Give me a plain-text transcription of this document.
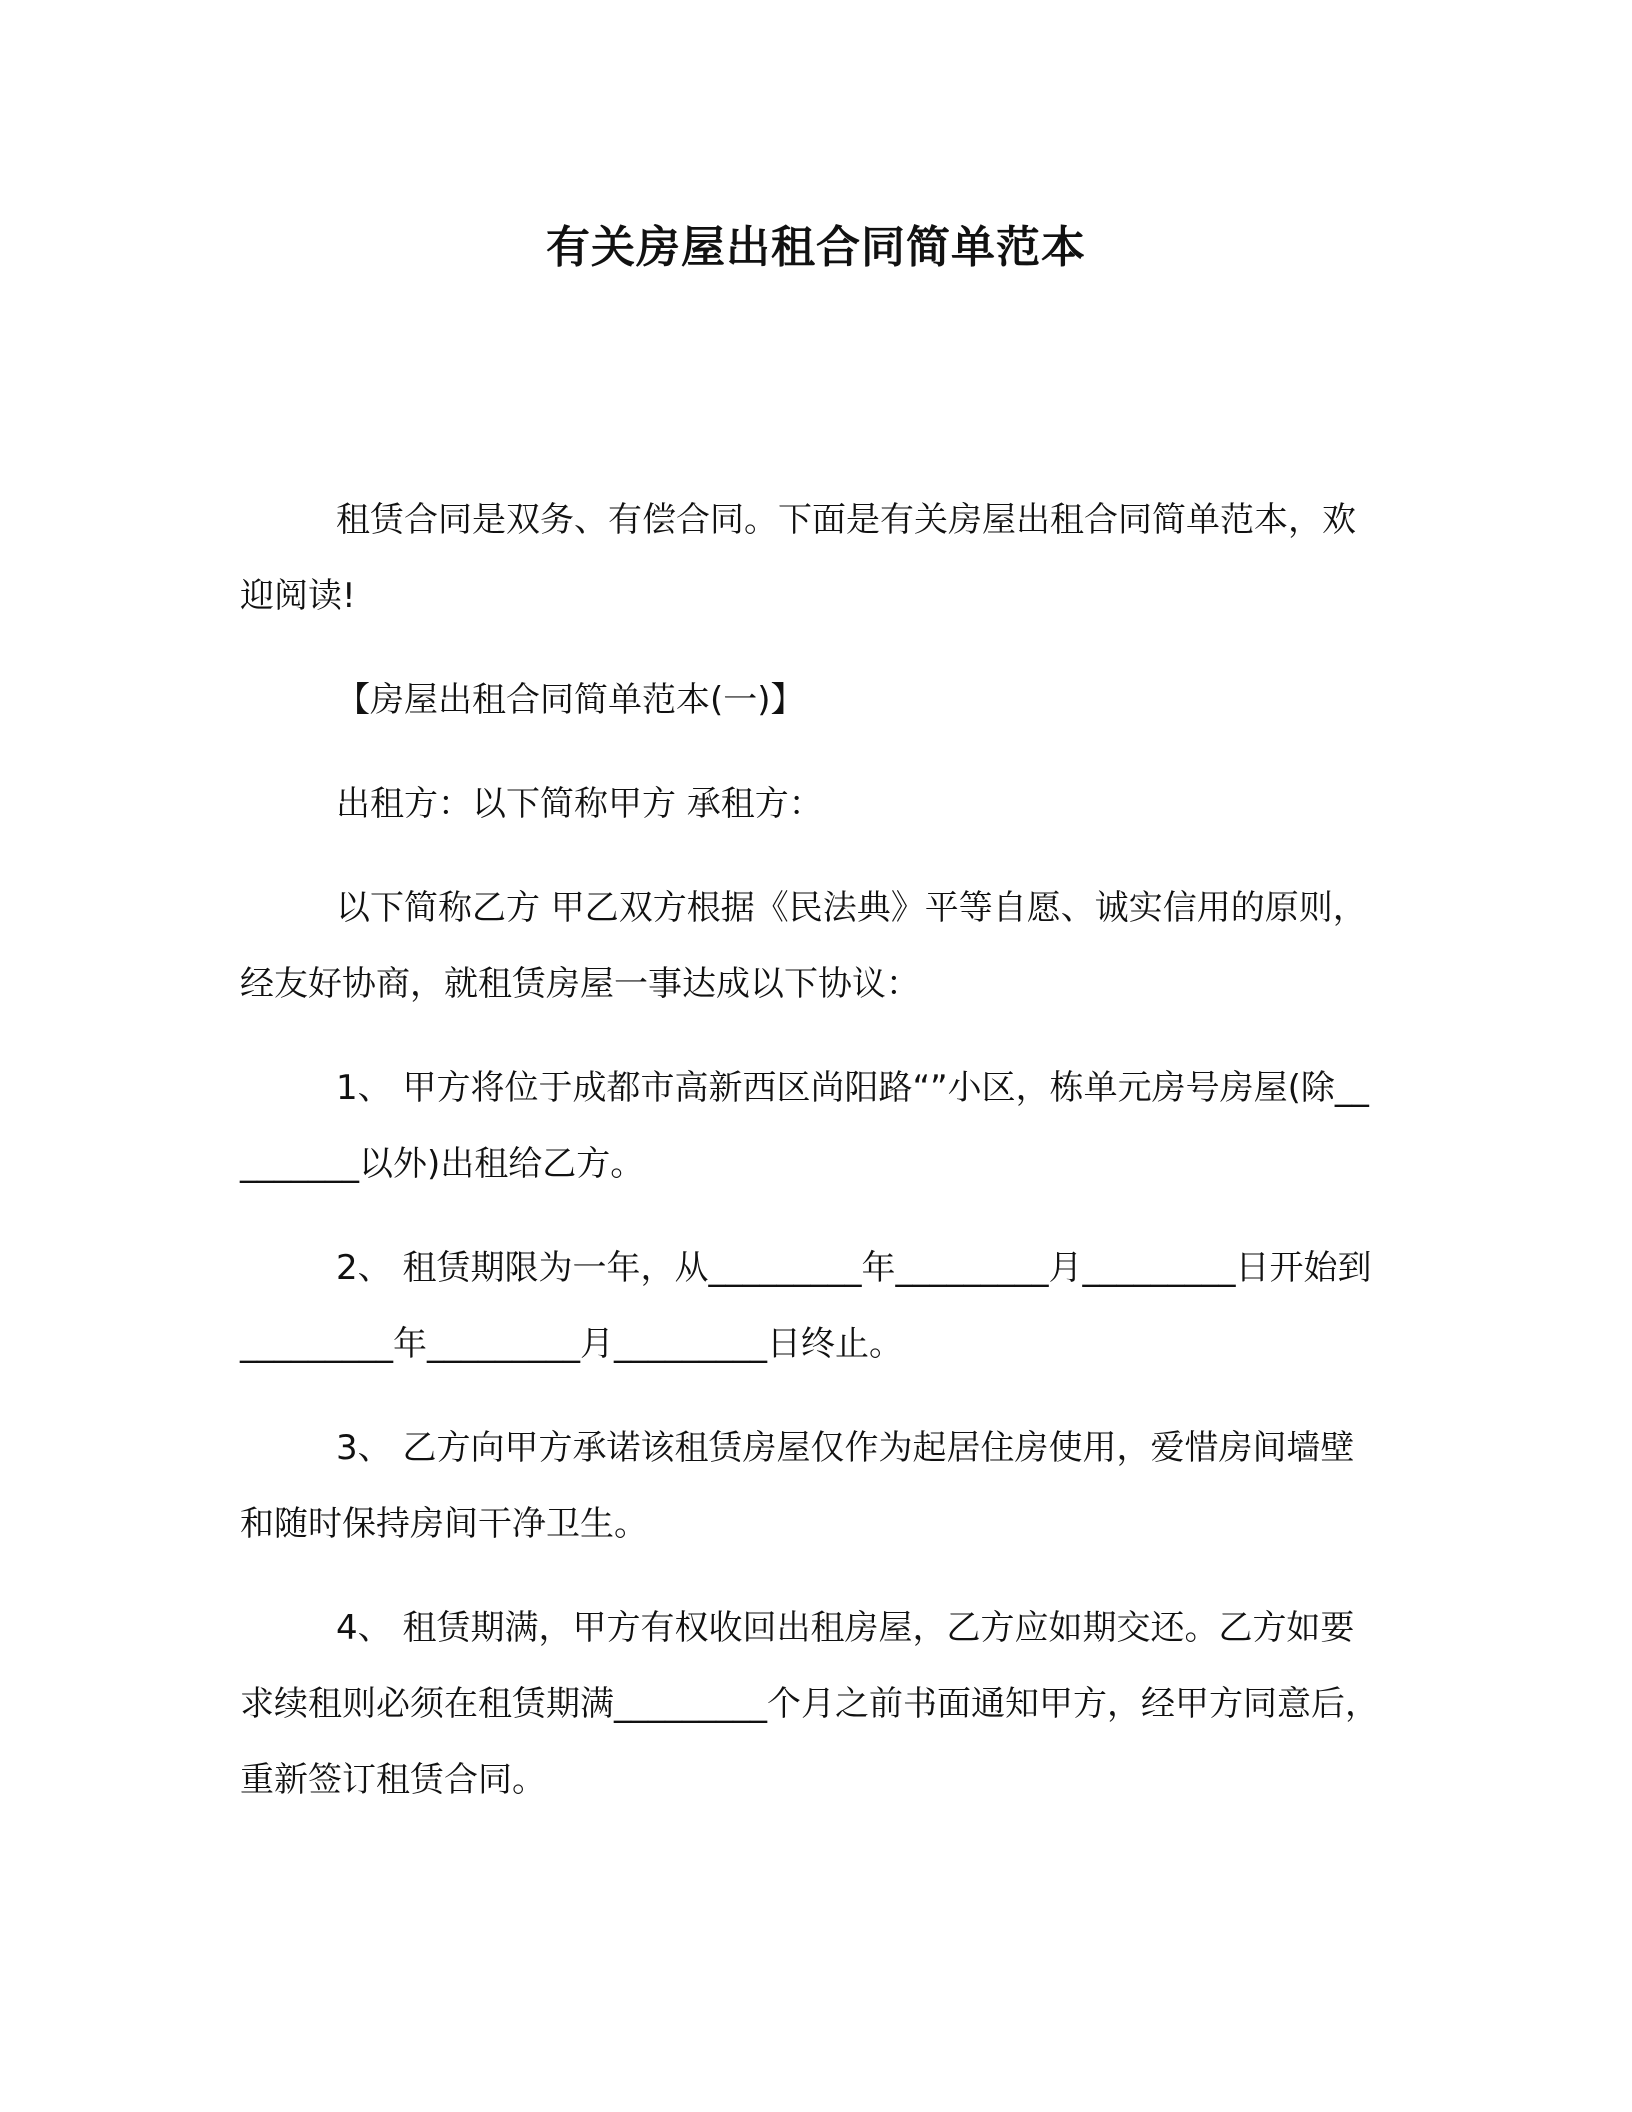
有关房屋出租合同简单范本

租赁合同是双务、有偿合同。下面是有关房屋出租合同简单范本，欢迎阅读!

【房屋出租合同简单范本(一)】

出租方：以下简称甲方 承租方：

以下简称乙方 甲乙双方根据《民法典》平等自愿、诚实信用的原则，经友好协商，就租赁房屋一事达成以下协议：

1、 甲方将位于成都市高新西区尚阳路“”小区，栋单元房号房屋(除_________以外)出租给乙方。

2、 租赁期限为一年，从_________年_________月_________日开始到 _________年_________月_________日终止。

3、 乙方向甲方承诺该租赁房屋仅作为起居住房使用，爱惜房间墙壁和随时保持房间干净卫生。

4、 租赁期满，甲方有权收回出租房屋，乙方应如期交还。乙方如要求续租则必须在租赁期满_________个月之前书面通知甲方，经甲方同意后，重新签订租赁合同。
